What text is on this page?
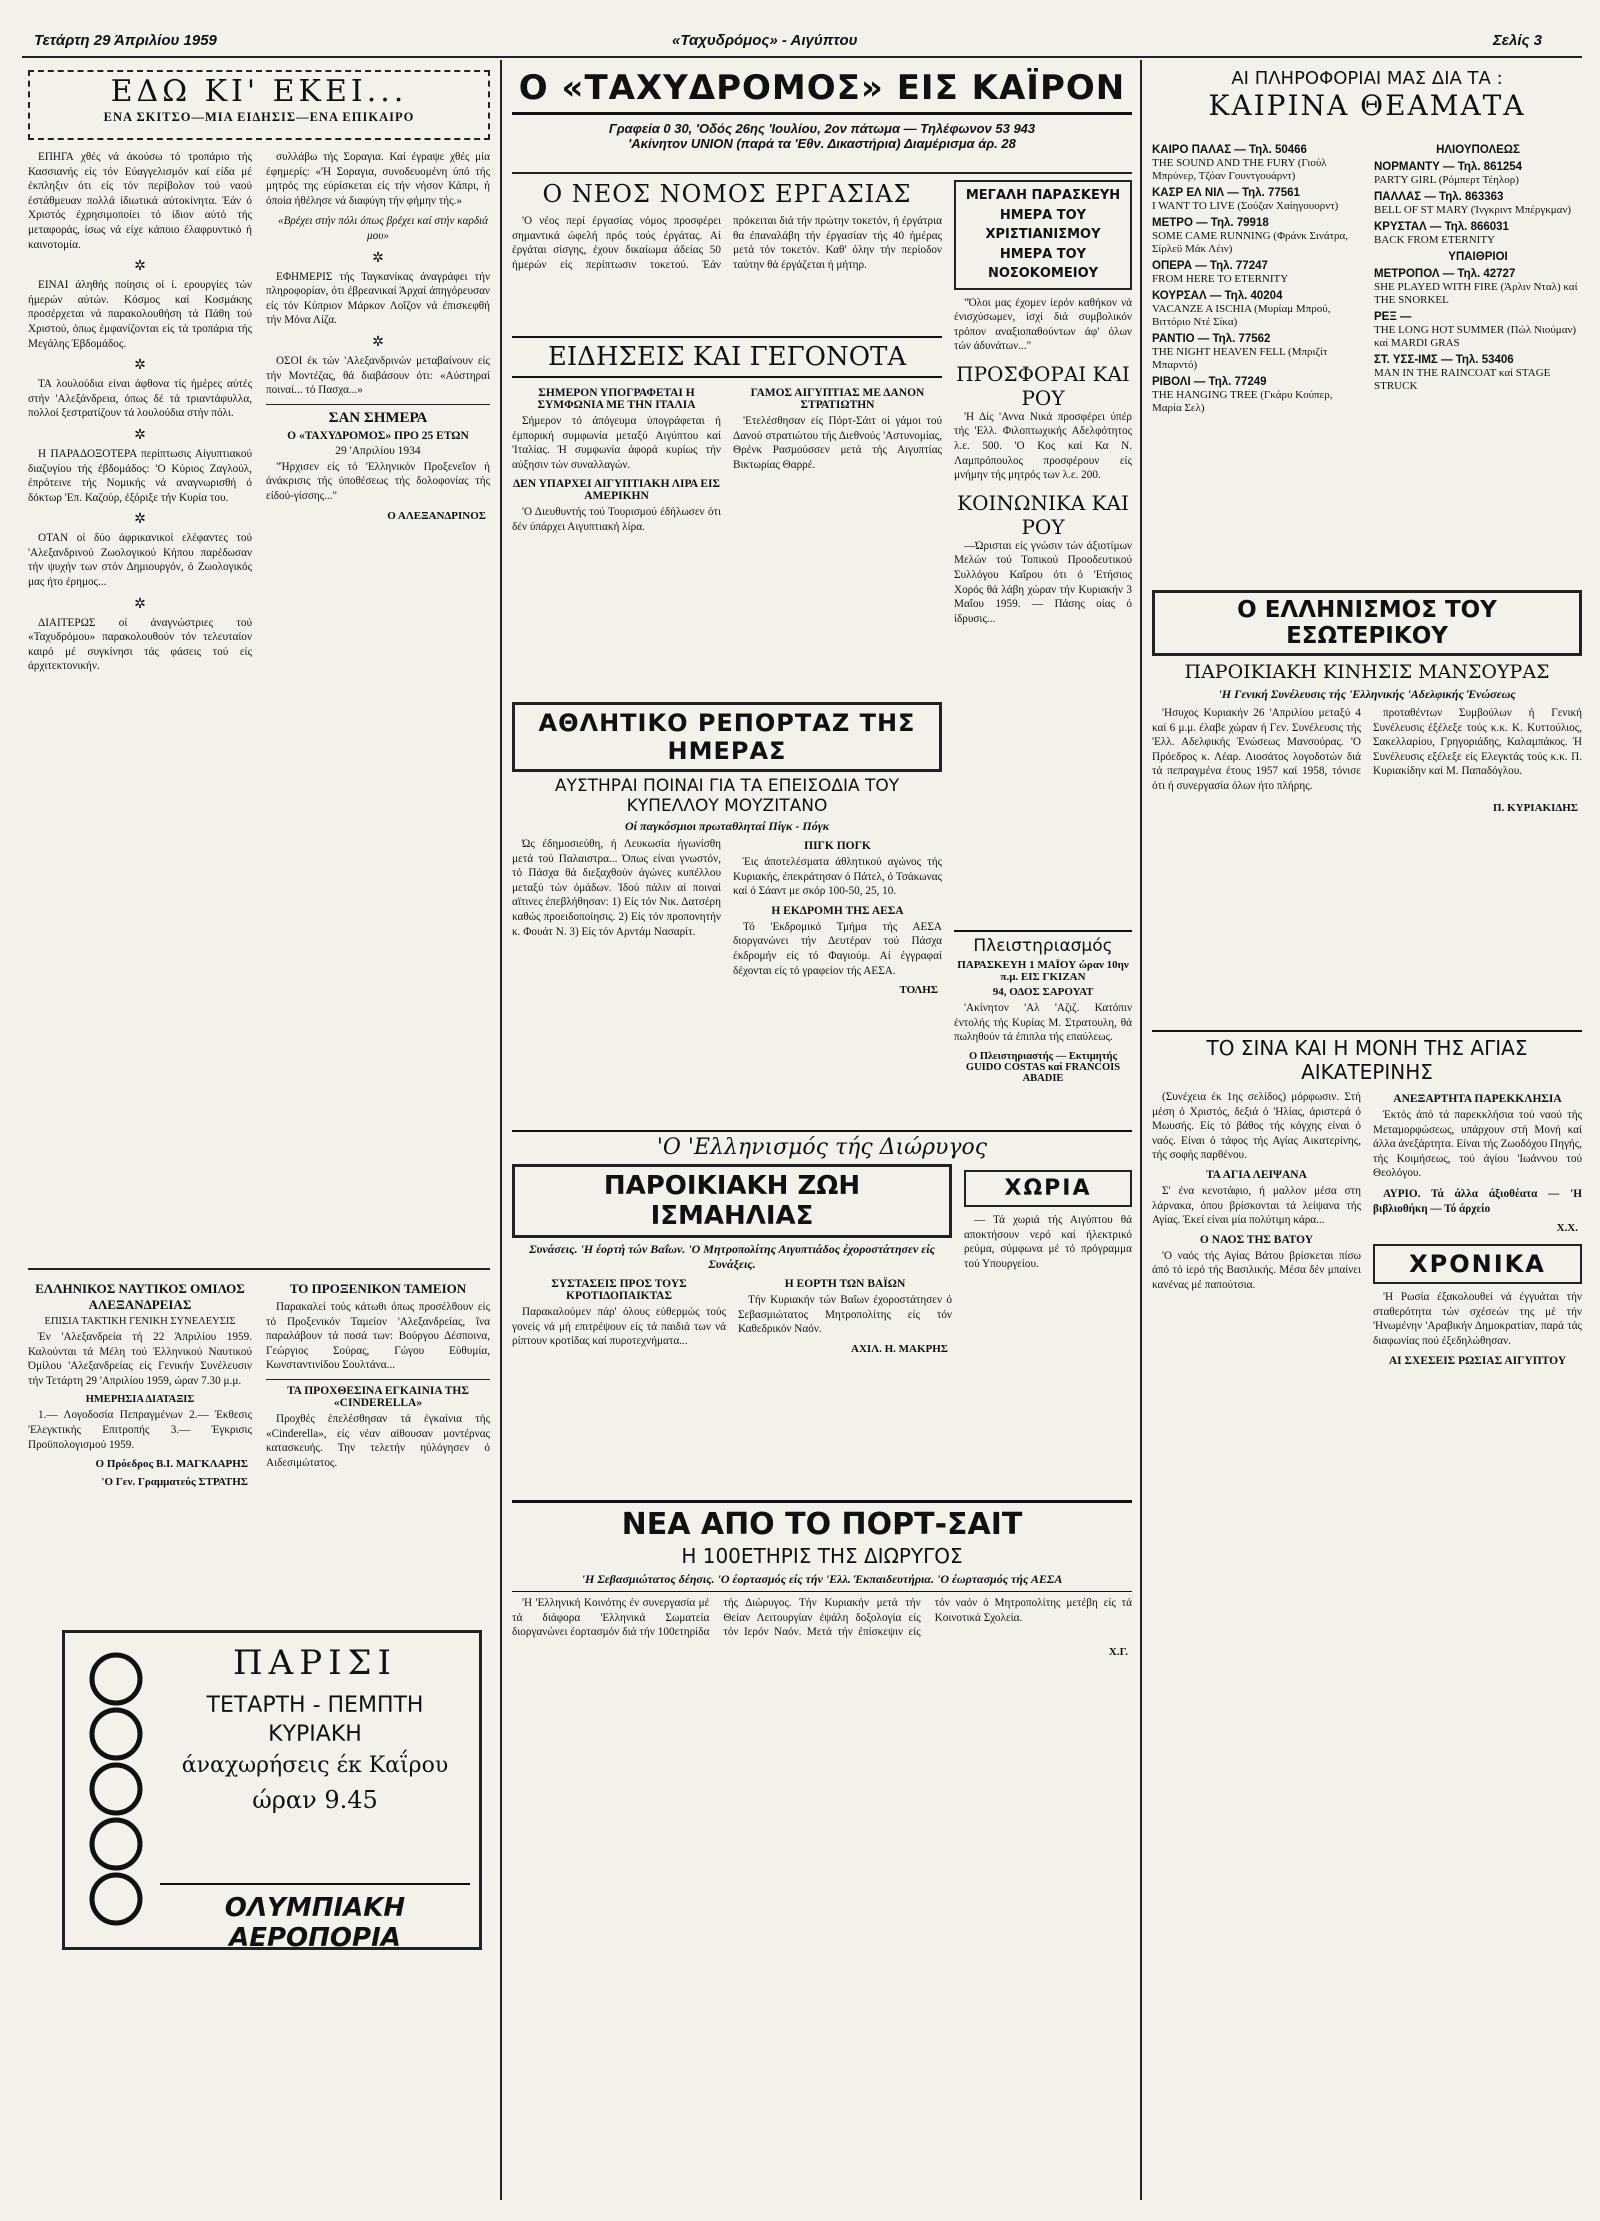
Τετάρτη 29 Άπριλίου 1959	«Ταχυδρόμος» - Αιγύπτου	Σελίς 3
ΕΔΩ ΚΙ' ΕΚΕΙ...
ΕΝΑ ΣΚΙΤΣΟ—ΜΙΑ ΕΙΔΗΣΙΣ—ΕΝΑ ΕΠΙΚΑΙΡΟ

ΕΠΗΓΑ χθές νά άκούσω τό τροπάριο τής Κασσιανής είς τόν Εύαγγελισμόν καί είδα μέ έκπληξιν ότι είς τόν περίβολον τού ναού έστάθμευαν πολλά ίδιωτικά αύτοκίνητα. Έάν ό Χριστός έχρησιμοποίει τό ίδιον αύτό τής μεταφοράς, ίσως νά είχε κάποιο έλαφρυντικό ή καινοτομία.

✲

ΕΙΝΑΙ άληθής ποίησις οί ί. ερουργίες τών ήμερών αύτών. Κόσμος καί Κοσμάκης προσέρχεται νά παρακολουθήση τά Πάθη τού Χριστού, όπως έμφανίζονται είς τά τροπάρια τής Μεγάλης Έβδομάδος.

✲

ΤΑ λουλούδια είναι άφθονα τίς ήμέρες αύτές στήν 'Αλεξάνδρεια, όπως δέ τά τριαντάφυλλα, πολλοί ξεστρατίζουν τά λουλούδια στήν πόλι.

✲

Η ΠΑΡΑΔΟΞΟΤΕΡΑ περίπτωσις Αίγυπτιακού διαζυγίου τής έβδομάδος: 'Ο Κύριος Ζαγλούλ, έπρότεινε τής Νομικής νά αναγνωρισθή ό δόκτωρ 'Επ. Καζούρ, έξόριξε τήν Κυρία του.

✲

ΟΤΑΝ οί δύο άφρικανικοί ελέφαντες τού 'Αλεξανδρινού Ζωολογικού Κήπου παρέδωσαν τήν ψυχήν των στόν Δημιουργόν, ό Ζωολογικός μας ήτο έρημος...

✲

ΔΙΑΙΤΕΡΩΣ οί άναγνώστριες τού «Ταχυδρόμου» παρακολουθούν τόν τελευταίον καιρό μέ συγκίνησι τάς φάσεις τού είς άρχιτεκτονικήν.

συλλάβω τής Σοραγια. Καί έγραψε χθές μία έφημερίς: «'Η Σοραγια, συνοδευομένη ύπό τής μητρός της εύρίσκεται είς τήν νήσον Κάπρι, ή όποία ήθέλησε νά διαφύγη τήν φήμην τής.»

«Βρέχει στήν πόλι όπως βρέχει καί στήν καρδιά μου»

✲

ΕΦΗΜΕΡΙΣ τής Ταγκανίκας άναγράφει τήν πληροφορίαν, ότι έβρεανικαί Άρχαί άπηγόρευσαν είς τόν Κύπριον Μάρκον Λοΐζον νά έπισκεφθή τήν Μόνα Λίζα.

✲

ΟΣΟΙ έκ τών 'Αλεξανδρινών μεταβαίνουν είς τήν Μοντέζας, θά διαβάσουν ότι: «Αύστηραί ποιναί... τό Πασχα...»

ΣΑΝ ΣΗΜΕΡΑ
Ο «ΤΑΧΥΔΡΟΜΟΣ» ΠΡΟ 25 ΕΤΩΝ
29 'Απριλίου 1934

"Ήρχισεν είς τό 'Ελληνικόν Προξενεΐον ή άνάκρισις τής ύποθέσεως τής δολοφονίας τής είδού-γίσσης..."

Ο ΑΛΕΞΑΝΔΡΙΝΟΣ
ΕΛΛΗΝΙΚΟΣ ΝΑΥΤΙΚΟΣ ΟΜΙΛΟΣ ΑΛΕΞΑΝΔΡΕΙΑΣ
ΕΠΙΣΙΑ ΤΑΚΤΙΚΗ ΓΕΝΙΚΗ ΣΥΝΕΛΕΥΣΙΣ

Έν 'Αλεξανδρεία τή 22 Άπριλίου 1959. Καλούνται τά Μέλη τού Έλληνικού Ναυτικού Όμίλου 'Αλεξανδρείας είς Γενικήν Συνέλευσιν τήν Τετάρτη 29 'Απριλίου 1959, ώραν 7.30 μ.μ.

ΗΜΕΡΗΣΙΑ ΔΙΑΤΑΞΙΣ

1.— Λογοδοσία Πεπραγμένων 2.— Έκθεσις 'Ελεγκτικής Επιτροπής 3.— Έγκρισις Προϋπολογισμού 1959.

Ο Πρόεδρος Β.Ι. ΜΑΓΚΛΑΡΗΣ
'Ο Γεν. Γραμματεύς ΣΤΡΑΤΗΣ
ΤΟ ΠΡΟΞΕΝΙΚΟΝ ΤΑΜΕΙΟΝ

Παρακαλεί τούς κάτωθι όπως προσέλθουν είς τό Προξενικόν Ταμείον 'Αλεξανδρείας, ΐνα παραλάβουν τά ποσά των: Βούργου Δέσποινα, Γεώργιος Σούρας, Γώγου Εύθυμία, Κωνσταντινίδου Σουλτάνα...

ΤΑ ΠΡΟΧΘΕΣΙΝΑ ΕΓΚΑΙΝΙΑ ΤΗΣ «CINDERELLA»

Προχθές έπελέσθησαν τά έγκαίνια τής «Cinderella», είς νέαν αίθουσαν μοντέρνας κατασκευής. Την τελετήν ηύλόγησεν ό Αιδεσιμώτατος.

ΠΑΡΙΣΙ
ΤΕΤΑΡΤΗ - ΠΕΜΠΤΗ
ΚΥΡΙΑΚΗ
άναχωρήσεις έκ Καΐρου
ώραν 9.45
ΟΛΥΜΠΙΑΚΗ ΑΕΡΟΠΟΡΙΑ
Ο «ΤΑΧΥΔΡΟΜΟΣ» ΕΙΣ ΚΑΪΡΟΝ
Γραφεία 0 30, 'Οδός 26ης 'Ιουλίου, 2ον πάτωμα — Τηλέφωνον 53 943
'Ακίνητον UNION (παρά τα 'Εθν. Δικαστήρια) Διαμέρισμα άρ. 28
Ο ΝΕΟΣ ΝΟΜΟΣ ΕΡΓΑΣΙΑΣ

'Ο νέος περί έργασίας νόμος προσφέρει σημαντικά ώφελή πρός τούς έργάτας. Αί έργάται σίσγης, έχουν δικαίωμα άδείας 50 ήμερών είς περίπτωσιν τοκετού. Έάν πρόκειται διά τήν πρώτην τοκετόν, ή έργάτρια θα έπαναλάβη τήν έργασίαν τής 40 ήμέρας μετά τόν τοκετόν. Καθ' όλην τήν περίοδον ταύτην θά έργάζεται ή μήτηρ.

ΕΙΔΗΣΕΙΣ ΚΑΙ ΓΕΓΟΝΟΤΑ
ΣΗΜΕΡΟΝ ΥΠΟΓΡΑΦΕΤΑΙ Η ΣΥΜΦΩΝΙΑ ΜΕ ΤΗΝ ΙΤΑΛΙΑ

Σήμερον τό άπόγευμα ύπογράφεται ή έμπορική συμφωνία μεταξύ Αιγύπτου καί 'Ιταλίας. Ή συμφωνία άφορά κυρίως τήν αύξησιν τών συναλλαγών.

ΔΕΝ ΥΠΑΡΧΕΙ ΑΙΓΥΠΤΙΑΚΗ ΛΙΡΑ ΕΙΣ ΑΜΕΡΙΚΗΝ

'Ο Διευθυντής τού Τουρισμού έδήλωσεν ότι δέν ύπάρχει Αιγυπτιακή λίρα.

ΓΑΜΟΣ ΑΙΓΥΠΤΙΑΣ ΜΕ ΔΑΝΟΝ ΣΤΡΑΤΙΩΤΗΝ

'Ετελέσθησαν είς Πόρτ-Σάιτ οί γάμοι τού Δανού στρατιώτου τής Διεθνούς 'Αστυνομίας, Θρένκ Ρασμούσσεν μετά τής Αιγυπτίας Βικτωρίας Θαρρέ.

ΜΕΓΑΛΗ ΠΑΡΑΣΚΕΥΗ ΗΜΕΡΑ ΤΟΥ ΧΡΙΣΤΙΑΝΙΣΜΟΥ ΗΜΕΡΑ ΤΟΥ ΝΟΣΟΚΟΜΕΙΟΥ

"Όλοι μας έχομεν ίερόν καθήκον νά ένισχύσωμεν, ίσχί διά συμβολικόν τρόπον αναξιοπαθούντων άφ' όλων τών άδυνάτων..."

ΠΡΟΣΦΟΡΑΙ ΚΑΙ ΡΟΥ

'Η Δίς 'Αννα Νικά προσφέρει ύπέρ τής 'Ελλ. Φιλοπτωχικής Αδελφότητος λ.ε. 500. 'Ο Κος καί Κα Ν. Λαμπρόπουλος προσφέρουν είς μνήμην τής μητρός των λ.ε. 200.

ΚΟΙΝΩΝΙΚΑ ΚΑΙ ΡΟΥ

—Ώρισται είς γνώσιν τών άξιοτίμων Μελών τού Τοπικού Προοδευτικού Συλλόγου Καΐρου ότι ό 'Ετήσιος Χορός θά λάβη χώραν τήν Κυριακήν 3 Μαΐου 1959. — Πάσης οίας ό ίδρυσις...

ΑΘΛΗΤΙΚΟ ΡΕΠΟΡΤΑΖ ΤΗΣ ΗΜΕΡΑΣ
ΑΥΣΤΗΡΑΙ ΠΟΙΝΑΙ ΓΙΑ ΤΑ ΕΠΕΙΣΟΔΙΑ ΤΟΥ ΚΥΠΕΛΛΟΥ ΜΟΥΖΙΤΑΝΟ
Οί παγκόσμιοι πρωταθληταί Πίγκ - Πόγκ

Ώς έδημοσιεύθη, ή Λευκωσία ήγωνίσθη μετά τού Παλαιστρα... Όπως είναι γνωστόν, τό Πάσχα θά διεξαχθούν άγώνες κυπέλλου μεταξύ τών όμάδων. Ίδού πάλιν αί ποιναί αϊτινες έπεβλήθησαν: 1) Είς τόν Νικ. Δατσέρη καθώς προειδοποίησις. 2) Είς τόν προπονητήν κ. Φουάτ Ν. 3) Είς τόν Αρντάμ Νασαρίτ.

ΠΙΓΚ ΠΟΓΚ

Έις άποτελέσματα άθλητικού αγώνος τής Κυριακής, έπεκράτησαν ό Πάτελ, ό Τσάκωνας καί ό Σάαντ με σκόρ 100-50, 25, 10.

Η ΕΚΔΡΟΜΗ ΤΗΣ ΑΕΣΑ

Τό 'Εκδρομικό Τμήμα τής ΑΕΣΑ διοργανώνει τήν Δευτέραν τού Πάσχα έκδρομήν είς τό Φαγιούμ. Αί έγγραφαί δέχονται είς τό γραφείον τής ΑΕΣΑ.

ΤΟΛΗΣ
Πλειστηριασμός
ΠΑΡΑΣΚΕΥΗ 1 ΜΑΪΟΥ ώραν 10ην π.μ. ΕΙΣ ΓΚΙΖΑΝ
94, ΟΔΟΣ ΣΑΡΟΥΑΤ

'Ακίνητον 'Αλ 'Αζιζ. Κατόπιν έντολής τής Κυρίας Μ. Στρατουλη, θά πωληθούν τά έπιπλα τής επαύλεως.

Ο Πλειστηριαστής — Εκτιμητής GUIDO COSTAS καί FRANCOIS ABADIE
'Ο 'Ελληνισμός τής Διώρυγος
ΠΑΡΟΙΚΙΑΚΗ ΖΩΗ ΙΣΜΑΗΛΙΑΣ
Συνάσεις. 'Η έορτή τών Βαΐων. 'Ο Μητροπολίτης Αιγυπτιάδος έχοροστάτησεν είς Συνάξεις.
ΣΥΣΤΑΣΕΙΣ ΠΡΟΣ ΤΟΥΣ ΚΡΟΤΙΔΟΠΑΙΚΤΑΣ

Παρακαλούμεν πάρ' όλους εύθερμώς τούς γονείς νά μή επιτρέψουν είς τά παιδιά των νά ρίπτουν κροτίδας καί πυροτεχνήματα...

Η ΕΟΡΤΗ ΤΩΝ ΒΑΪΩΝ

Τήν Κυριακήν τών Βαΐων έχοροστάτησεν ό Σεβασμιώτατος Μητροπολίτης είς τόν Καθεδρικόν Ναόν.

ΑΧΙΛ. Η. ΜΑΚΡΗΣ
ΧΩΡΙΑ

— Τά χωριά τής Αιγύπτου θά αποκτήσουν νερό καί ήλεκτρικό ρεύμα, σύμφωνα μέ τό πρόγραμμα τού Υπουργείου.

ΝΕΑ ΑΠΟ ΤΟ ΠΟΡΤ-ΣΑΙΤ
Η 100ΕΤΗΡΙΣ ΤΗΣ ΔΙΩΡΥΓΟΣ
'Η Σεβασμιώτατος δέησις. 'Ο έορτασμός είς τήν 'Ελλ. Έκπαιδευτήρια. 'Ο έωρτασμός τής ΑΕΣΑ

'Η 'Ελληνική Κοινότης έν συνεργασία μέ τά διάφορα 'Ελληνικά Σωματεία διοργανώνει έορτασμόν διά τήν 100ετηρίδα τής Διώρυγος. Τήν Κυριακήν μετά τήν Θείαν Λειτουργίαν έψάλη δοξολογία είς τόν Ιερόν Ναόν. Μετά τήν έπίσκεψιν είς τόν ναόν ό Μητροπολίτης μετέβη είς τά Κοινοτικά Σχολεία.

Χ.Γ.
ΑΙ ΠΛΗΡΟΦΟΡΙΑΙ ΜΑΣ ΔΙΑ ΤΑ :
ΚΑΙΡΙΝΑ ΘΕΑΜΑΤΑ
ΚΑΪΡΟ ΠΑΛΑΣ — Τηλ. 50466
THE SOUND AND THE FURY (Γιούλ Μπρύνερ, Τζόαν Γουντγουάρντ)
ΚΑΣΡ ΕΛ ΝΙΛ — Τηλ. 77561
I WANT TO LIVE (Σούζαν Χαίηγουορντ)
ΜΕΤΡΟ — Τηλ. 79918
SOME CAME RUNNING (Φράνκ Σινάτρα, Σίρλεϋ Μάκ Λέιν)
ΟΠΕΡΑ — Τηλ. 77247
FROM HERE TO ETERNITY
ΚΟΥΡΣΑΛ — Τηλ. 40204
VACANZE A ISCHIA (Μυρίαμ Μπρού, Βιττόριο Ντέ Σίκα)
ΡΑΝΤΙΟ — Τηλ. 77562
THE NIGHT HEAVEN FELL (Μπριζίτ Μπαρντό)
ΡΙΒΟΛΙ — Τηλ. 77249
THE HANGING TREE (Γκάρυ Κούπερ, Μαρία Σελ)
ΗΛΙΟΥΠΟΛΕΩΣ
ΝΟΡΜΑΝΤΥ — Τηλ. 861254
PARTY GIRL (Ρόμπερτ Τέηλορ)
ΠΑΛΛΑΣ — Τηλ. 863363
BELL OF ST MARY (Ίνγκριντ Μπέργκμαν)
ΚΡΥΣΤΑΛ — Τηλ. 866031
BACK FROM ETERNITY
ΥΠΑΙΘΡΙΟΙ
ΜΕΤΡΟΠΟΛ — Τηλ. 42727
SHE PLAYED WITH FIRE (Άρλιν Νταλ) καί THE SNORKEL
ΡΕΞ —
THE LONG HOT SUMMER (Πώλ Νιούμαν) καί MARDI GRAS
ΣΤ. ΥΣΣ-ΙΜΣ — Τηλ. 53406
MAN IN THE RAINCOAT καί STAGE STRUCK
Ο ΕΛΛΗΝΙΣΜΟΣ ΤΟΥ ΕΣΩΤΕΡΙΚΟΥ
ΠΑΡΟΙΚΙΑΚΗ ΚΙΝΗΣΙΣ ΜΑΝΣΟΥΡΑΣ
'Η Γενική Συνέλευσις τής 'Ελληνικής 'Αδελφικής Ένώσεως

'Ησυχος Κυριακήν 26 'Απριλίου μεταξύ 4 καί 6 μ.μ. έλαβε χώραν ή Γεν. Συνέλευσις τής 'Ελλ. Αδελφικής Ένώσεως Μανσούρας. 'Ο Πρόεδρος κ. Λέαρ. Λιοσάτος λογοδοτών διά τά πεπραγμένα έτους 1957 καί 1958, τόνισε ότι ή συνεργασία όλων ήτο πλήρης.

προταθέντων Συμβούλων ή Γενική Συνέλευσις έξέλεξε τούς κ.κ. Κ. Κυττούλιος, Σακελλαρίου, Γρηγοριάδης, Καλαμπάκος. Ή Συνέλευσις εξέλεξε είς Ελεγκτάς τούς κ.κ. Π. Κυριακίδην καί Μ. Παπαδόγλου.

Π. ΚΥΡΙΑΚΙΔΗΣ
ΤΟ ΣΙΝΑ ΚΑΙ Η ΜΟΝΗ ΤΗΣ ΑΓΙΑΣ ΑΙΚΑΤΕΡΙΝΗΣ

(Συνέχεια έκ 1ης σελίδος) μόρφωσιν. Στή μέση ό Χριστός, δεξιά ό 'Ηλίας, άριστερά ό Μωυσής. Είς τό βάθος τής κόγχης είναι ό ναός. Είναι ό τάφος τής Αγίας Αικατερίνης, τής σοφής παρθένου.

ΤΑ ΑΓΙΑ ΛΕΙΨΑΝΑ

Σ' ένα κενοτάφιο, ή μαλλον μέσα στη λάρνακα, όπου βρίσκονται τά λείψανα τής Αγίας. Έκεί είναι μία πολύτιμη κάρα...

Ο ΝΑΟΣ ΤΗΣ ΒΑΤΟΥ

'Ο ναός τής Αγίας Βάτου βρίσκεται πίσω άπό τό ίερό τής Βασιλικής. Μέσα δέν μπαίνει κανένας μέ παπούτσια.

ΑΝΕΞΑΡΤΗΤΑ ΠΑΡΕΚΚΛΗΣΙΑ

Έκτός άπό τά παρεκκλήσια τού ναού τής Μεταμορφώσεως, υπάρχουν στή Μονή καί άλλα άνεξάρτητα. Είναι τής Ζωοδόχου Πηγής, τής Κοιμήσεως, τού άγίου 'Ιωάννου τού Θεολόγου.

ΑΥΡΙΟ. Τά άλλα άξιοθέατα — 'Η βιβλιοθήκη — Τό άρχείο

Χ.Χ.
ΧΡΟΝΙΚΑ

'Η Ρωσία έξακολουθεί νά έγγυάται τήν σταθερότητα τών σχέσεών της μέ τήν 'Ηνωμένην 'Αραβικήν Δημοκρατίαν, παρά τάς διαφωνίας πού έξεδηλώθησαν.

ΑΙ ΣΧΕΣΕΙΣ ΡΩΣΙΑΣ ΑΙΓΥΠΤΟΥ
